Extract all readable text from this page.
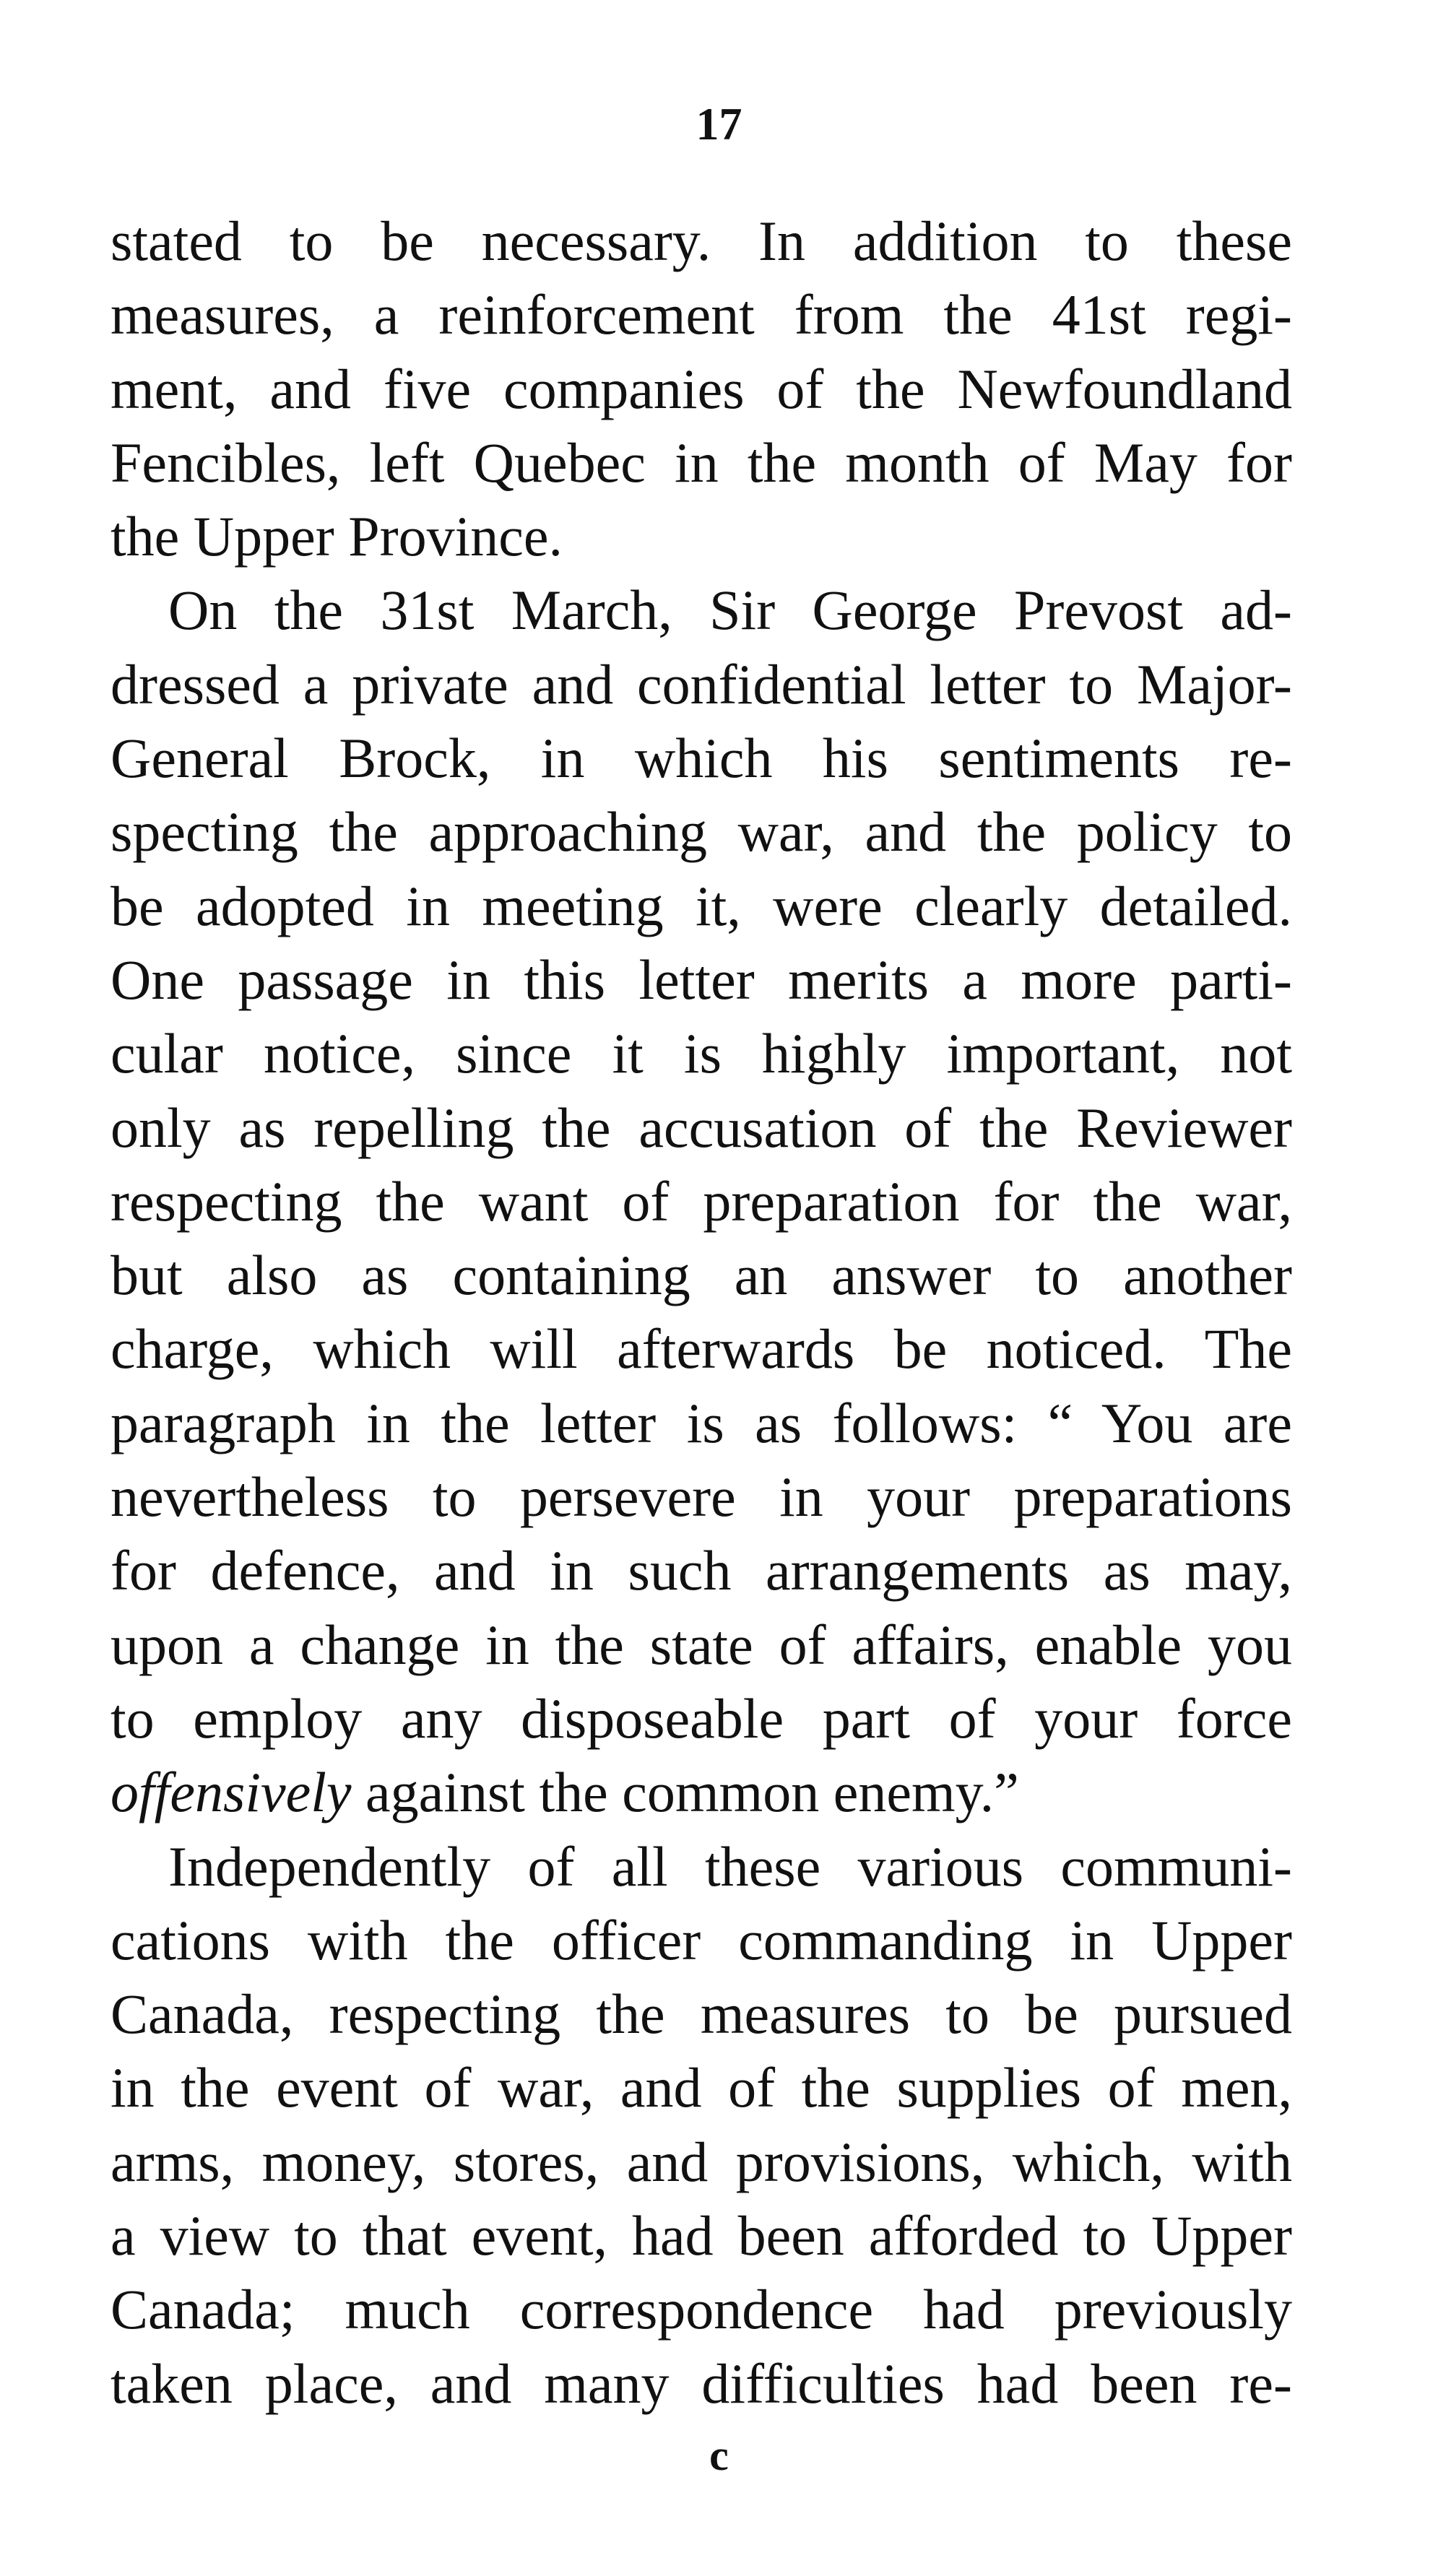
17
stated to be necessary. In addition to these
measures, a reinforcement from the 41st regi-
ment, and five companies of the Newfoundland
Fencibles, left Quebec in the month of May for
the Upper Province.
On the 31st March, Sir George Prevost ad-
dressed a private and confidential letter to Major-
General Brock, in which his sentiments re-
specting the approaching war, and the policy to
be adopted in meeting it, were clearly detailed.
One passage in this letter merits a more parti-
cular notice, since it is highly important, not
only as repelling the accusation of the Reviewer
respecting the want of preparation for the war,
but also as containing an answer to another
charge, which will afterwards be noticed. The
paragraph in the letter is as follows: “ You are
nevertheless to persevere in your preparations
for defence, and in such arrangements as may,
upon a change in the state of affairs, enable you
to employ any disposeable part of your force
offensively against the common enemy.”
Independently of all these various communi-
cations with the officer commanding in Upper
Canada, respecting the measures to be pursued
in the event of war, and of the supplies of men,
arms, money, stores, and provisions, which, with
a view to that event, had been afforded to Upper
Canada; much correspondence had previously
taken place, and many difficulties had been re-
c
